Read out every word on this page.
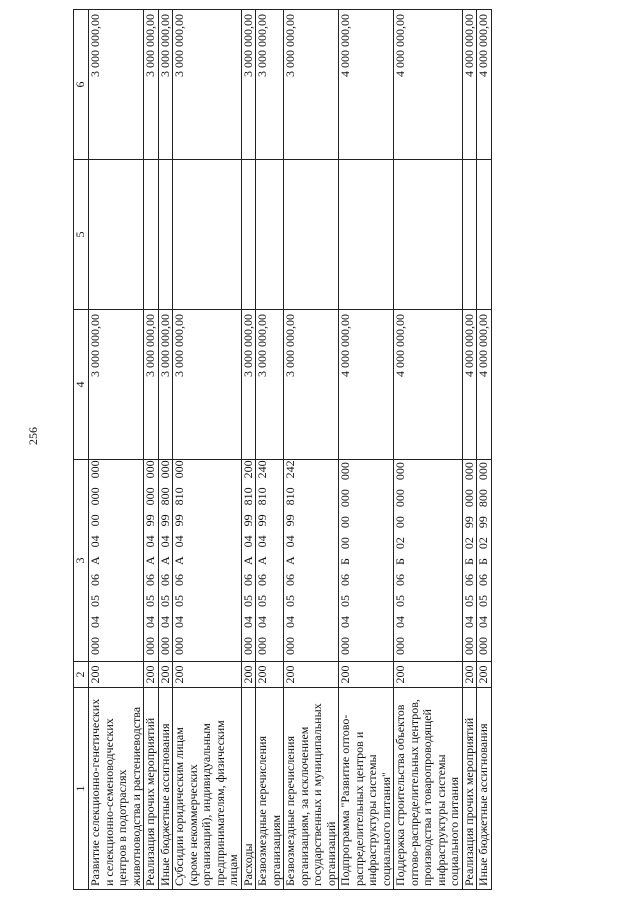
256
1	2	3	4	5	6
Развитие селекционно-генетических и селекционно-семеноводческих центров в подотраслях животноводства и растениеводства	200	000040506А0400000000	3 000 000,00		3 000 000,00
Реализация прочих мероприятий	200	000040506А0499000000	3 000 000,00		3 000 000,00
Иные бюджетные ассигнования	200	000040506А0499800000	3 000 000,00		3 000 000,00
Субсидии юридическим лицам (кроме некоммерческих организаций), индивидуальным предпринимателям, физическим лицам	200	000040506А0499810000	3 000 000,00		3 000 000,00
Расходы	200	000040506А0499810200	3 000 000,00		3 000 000,00
Безвозмездные перечисления организациям	200	000040506А0499810240	3 000 000,00		3 000 000,00
Безвозмездные перечисления организациям, за исключением государственных и муниципальных организаций	200	000040506А0499810242	3 000 000,00		3 000 000,00
Подпрограмма "Развитие оптово-распределительных центров и инфраструктуры системы социального питания"	200	000040506Б0000000000	4 000 000,00		4 000 000,00
Поддержка строительства объектов оптово-распределительных центров, производства и товаропроводящей инфраструктуры системы социального питания	200	000040506Б0200000000	4 000 000,00		4 000 000,00
Реализация прочих мероприятий	200	000040506Б0299000000	4 000 000,00		4 000 000,00
Иные бюджетные ассигнования	200	000040506Б0299800000	4 000 000,00		4 000 000,00
